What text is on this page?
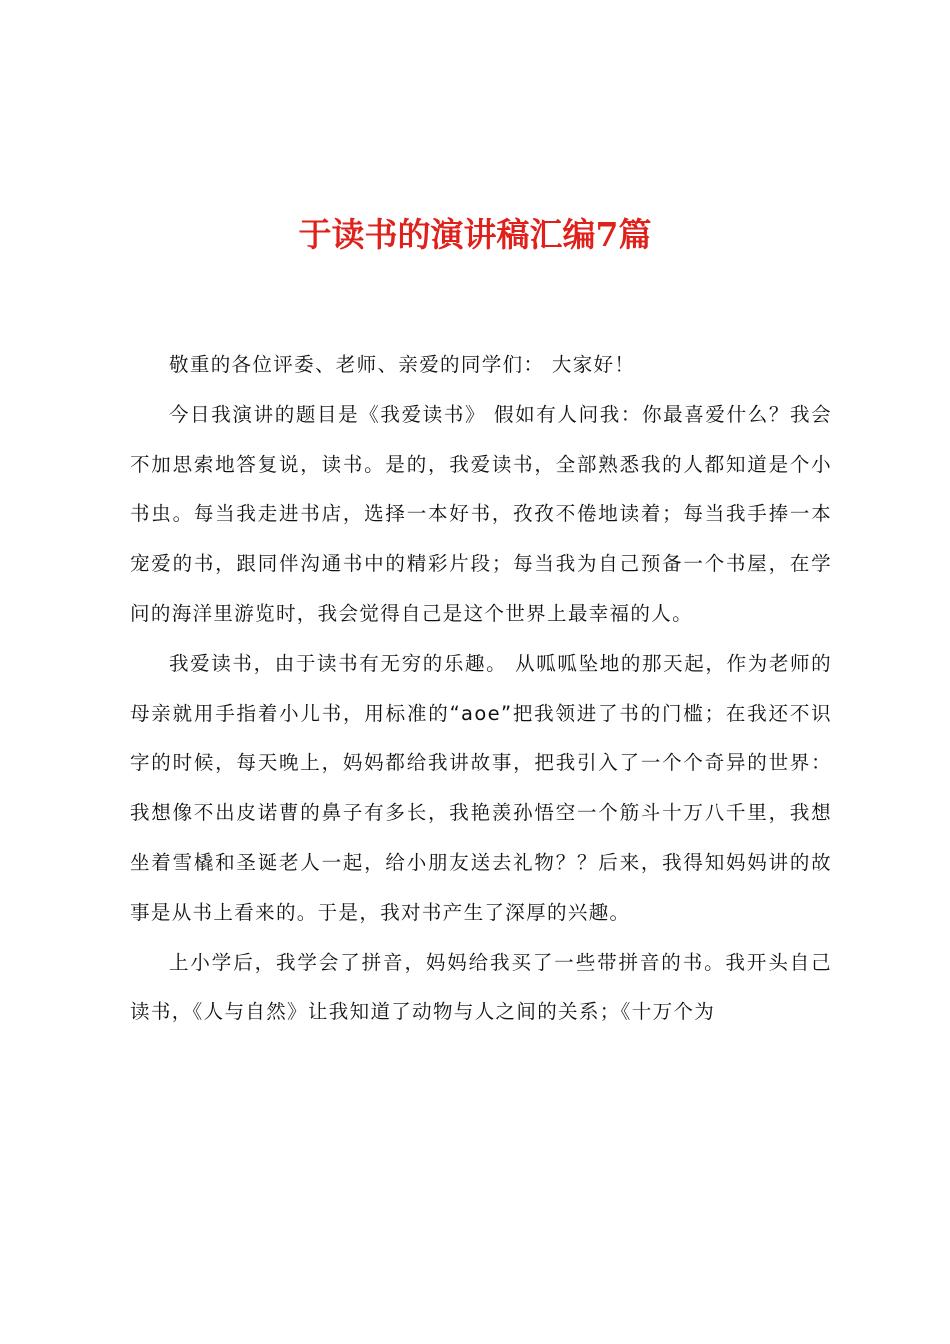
于读书的演讲稿汇编7篇

敬重的各位评委、老师、亲爱的同学们： 大家好！

今日我演讲的题目是《我爱读书》 假如有人问我：你最喜爱什么？我会不加思索地答复说，读书。是的，我爱读书，全部熟悉我的人都知道是个小书虫。每当我走进书店，选择一本好书，孜孜不倦地读着；每当我手捧一本宠爱的书，跟同伴沟通书中的精彩片段；每当我为自己预备一个书屋，在学问的海洋里游览时，我会觉得自己是这个世界上最幸福的人。

我爱读书，由于读书有无穷的乐趣。 从呱呱坠地的那天起，作为老师的母亲就用手指着小儿书，用标准的“aoe”把我领进了书的门槛；在我还不识字的时候，每天晚上，妈妈都给我讲故事，把我引入了一个个奇异的世界：我想像不出皮诺曹的鼻子有多长，我艳羡孙悟空一个筋斗十万八千里，我想坐着雪橇和圣诞老人一起，给小朋友送去礼物？？后来，我得知妈妈讲的故事是从书上看来的。于是，我对书产生了深厚的兴趣。

上小学后，我学会了拼音，妈妈给我买了一些带拼音的书。我开头自己读书，《人与自然》让我知道了动物与人之间的关系；《十万个为
